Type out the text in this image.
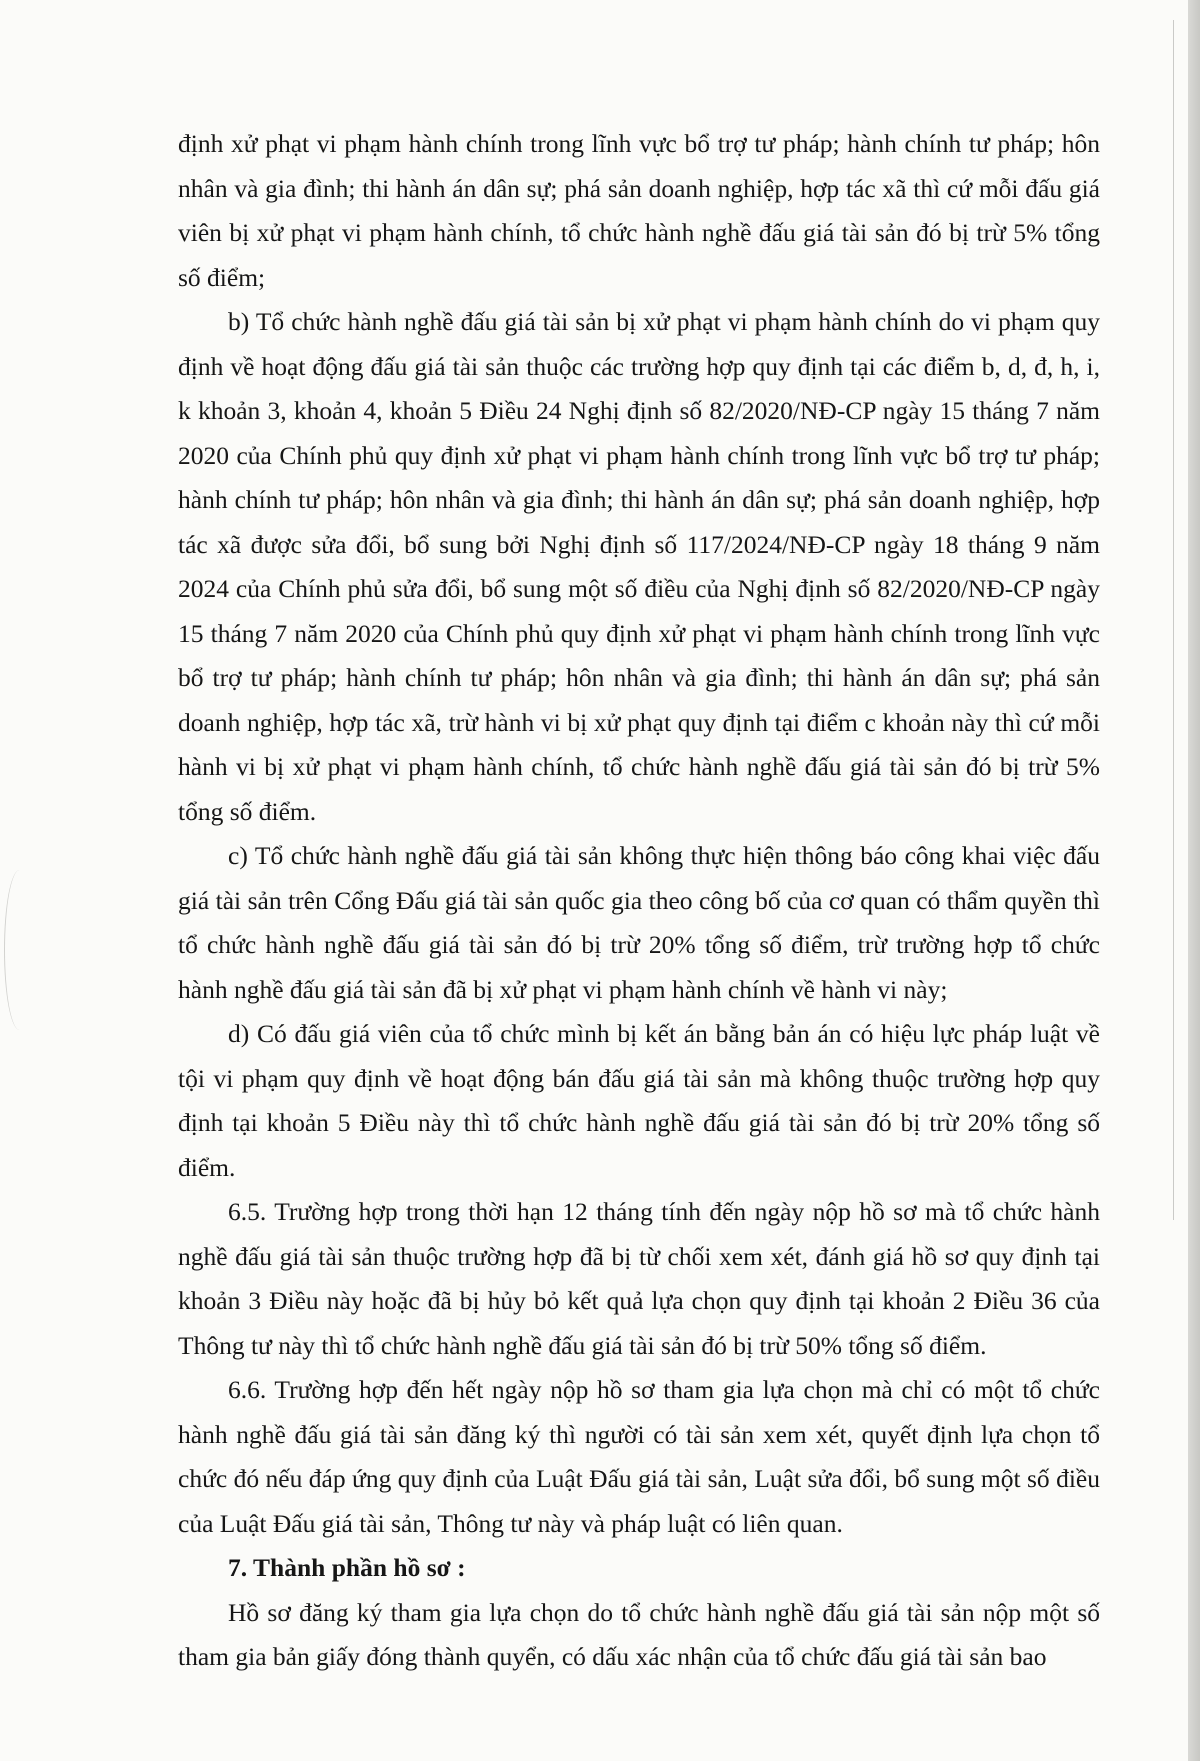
định xử phạt vi phạm hành chính trong lĩnh vực bổ trợ tư pháp; hành chính tư pháp; hôn nhân và gia đình; thi hành án dân sự; phá sản doanh nghiệp, hợp tác xã thì cứ mỗi đấu giá viên bị xử phạt vi phạm hành chính, tổ chức hành nghề đấu giá tài sản đó bị trừ 5% tổng số điểm;

b) Tổ chức hành nghề đấu giá tài sản bị xử phạt vi phạm hành chính do vi phạm quy định về hoạt động đấu giá tài sản thuộc các trường hợp quy định tại các điểm b, d, đ, h, i, k khoản 3, khoản 4, khoản 5 Điều 24 Nghị định số 82/2020/NĐ-CP ngày 15 tháng 7 năm 2020 của Chính phủ quy định xử phạt vi phạm hành chính trong lĩnh vực bổ trợ tư pháp; hành chính tư pháp; hôn nhân và gia đình; thi hành án dân sự; phá sản doanh nghiệp, hợp tác xã được sửa đổi, bổ sung bởi Nghị định số 117/2024/NĐ-CP ngày 18 tháng 9 năm 2024 của Chính phủ sửa đổi, bổ sung một số điều của Nghị định số 82/2020/NĐ-CP ngày 15 tháng 7 năm 2020 của Chính phủ quy định xử phạt vi phạm hành chính trong lĩnh vực bổ trợ tư pháp; hành chính tư pháp; hôn nhân và gia đình; thi hành án dân sự; phá sản doanh nghiệp, hợp tác xã, trừ hành vi bị xử phạt quy định tại điểm c khoản này thì cứ mỗi hành vi bị xử phạt vi phạm hành chính, tổ chức hành nghề đấu giá tài sản đó bị trừ 5% tổng số điểm.

c) Tổ chức hành nghề đấu giá tài sản không thực hiện thông báo công khai việc đấu giá tài sản trên Cổng Đấu giá tài sản quốc gia theo công bố của cơ quan có thẩm quyền thì tổ chức hành nghề đấu giá tài sản đó bị trừ 20% tổng số điểm, trừ trường hợp tổ chức hành nghề đấu giá tài sản đã bị xử phạt vi phạm hành chính về hành vi này;

d) Có đấu giá viên của tổ chức mình bị kết án bằng bản án có hiệu lực pháp luật về tội vi phạm quy định về hoạt động bán đấu giá tài sản mà không thuộc trường hợp quy định tại khoản 5 Điều này thì tổ chức hành nghề đấu giá tài sản đó bị trừ 20% tổng số điểm.

6.5. Trường hợp trong thời hạn 12 tháng tính đến ngày nộp hồ sơ mà tổ chức hành nghề đấu giá tài sản thuộc trường hợp đã bị từ chối xem xét, đánh giá hồ sơ quy định tại khoản 3 Điều này hoặc đã bị hủy bỏ kết quả lựa chọn quy định tại khoản 2 Điều 36 của Thông tư này thì tổ chức hành nghề đấu giá tài sản đó bị trừ 50% tổng số điểm.

6.6. Trường hợp đến hết ngày nộp hồ sơ tham gia lựa chọn mà chỉ có một tổ chức hành nghề đấu giá tài sản đăng ký thì người có tài sản xem xét, quyết định lựa chọn tổ chức đó nếu đáp ứng quy định của Luật Đấu giá tài sản, Luật sửa đổi, bổ sung một số điều của Luật Đấu giá tài sản, Thông tư này và pháp luật có liên quan.

7. Thành phần hồ sơ :

Hồ sơ đăng ký tham gia lựa chọn do tổ chức hành nghề đấu giá tài sản nộp một số tham gia bản giấy đóng thành quyển, có dấu xác nhận của tổ chức đấu giá tài sản bao
